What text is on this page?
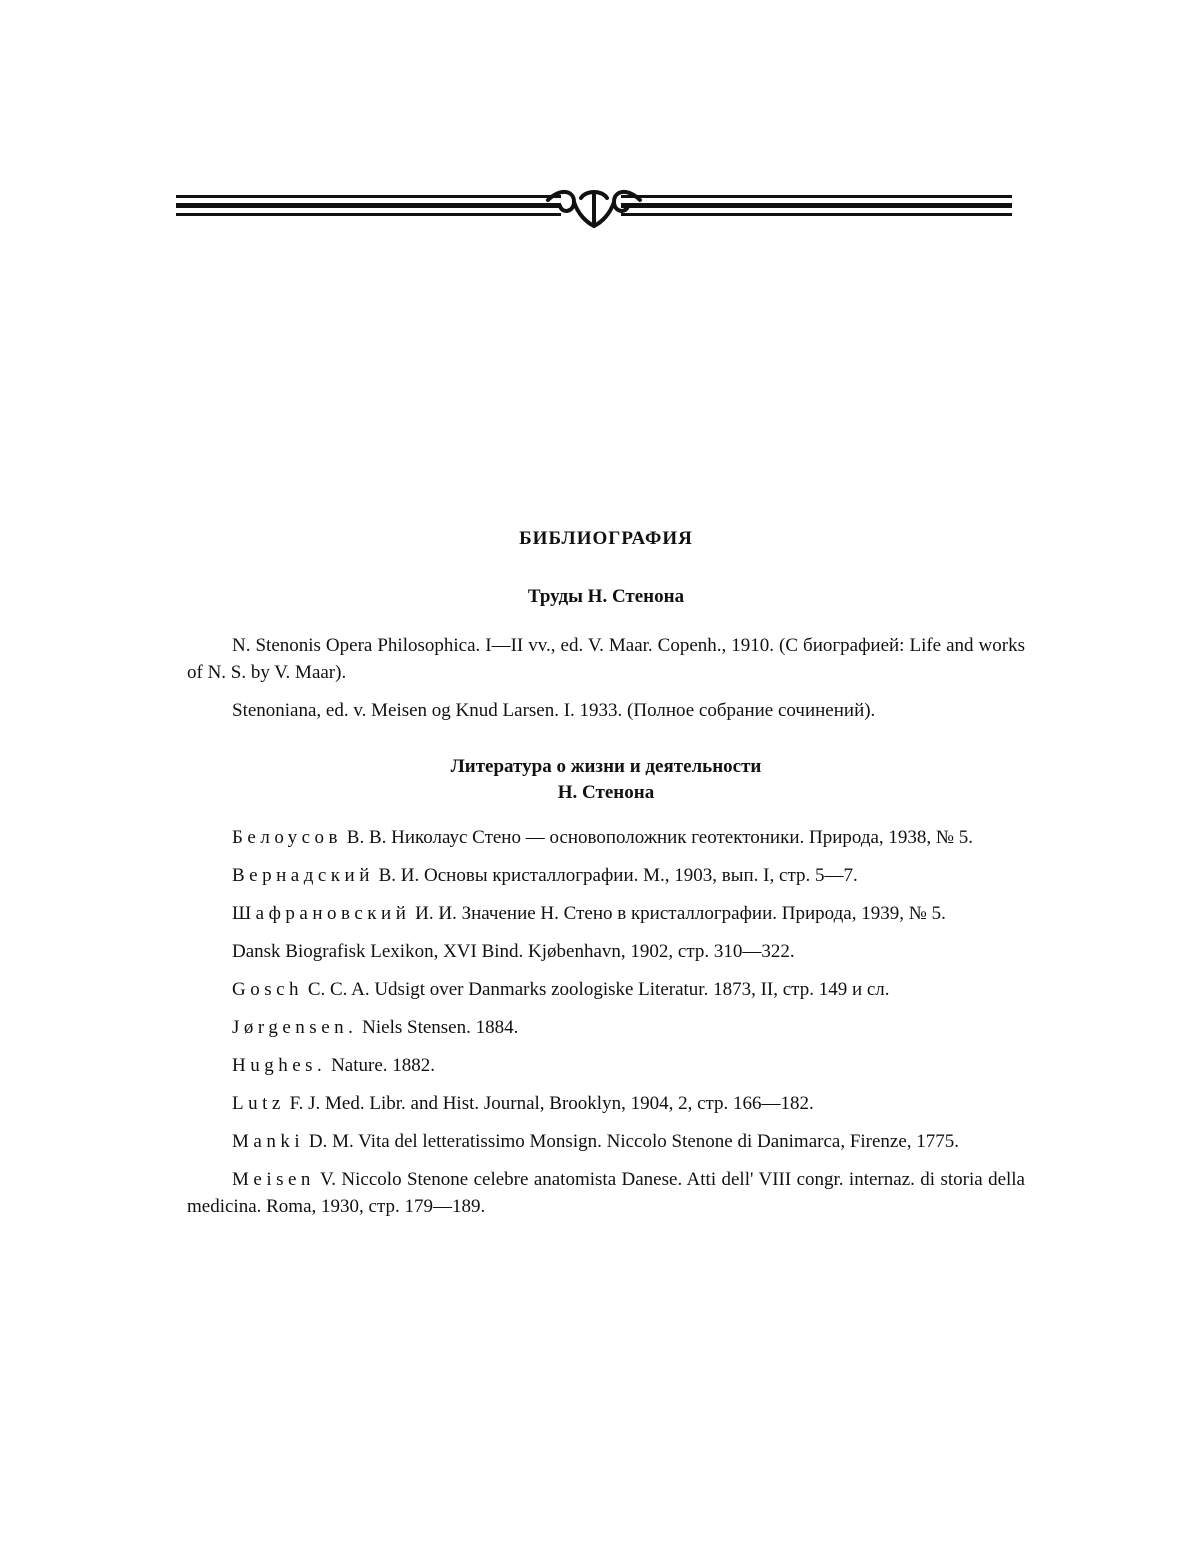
БИБЛИОГРАФИЯ
Труды Н. Стенона

N. Stenonis Opera Philosophica. I—II vv., ed. V. Maar. Copenh., 1910. (С биографией: Life and works of N. S. by V. Maar).

Stenoniana, ed. v. Meisen og Knud Larsen. I. 1933. (Полное собрание сочинений).

Литература о жизни и деятельности
Н. Стенона

Белоусов В. В. Николаус Стено — основоположник геотектоники. Природа, 1938, № 5.

Вернадский В. И. Основы кристаллографии. М., 1903, вып. I, стр. 5—7.

Шафрановский И. И. Значение Н. Стено в кристаллографии. Природа, 1939, № 5.

Dansk Biografisk Lexikon, XVI Bind. Kjøbenhavn, 1902, стр. 310—322.

Gosch C. C. A. Udsigt over Danmarks zoologiske Literatur. 1873, II, стр. 149 и сл.

Jørgensen. Niels Stensen. 1884.

Hughes. Nature. 1882.

Lutz F. J. Med. Libr. and Hist. Journal, Brooklyn, 1904, 2, стр. 166—182.

Manki D. M. Vita del letteratissimo Monsign. Niccolo Stenone di Danimarca, Firenze, 1775.

Meisen V. Niccolo Stenone celebre anatomista Danese. Atti dell' VIII congr. internaz. di storia della medicina. Roma, 1930, стр. 179—189.
